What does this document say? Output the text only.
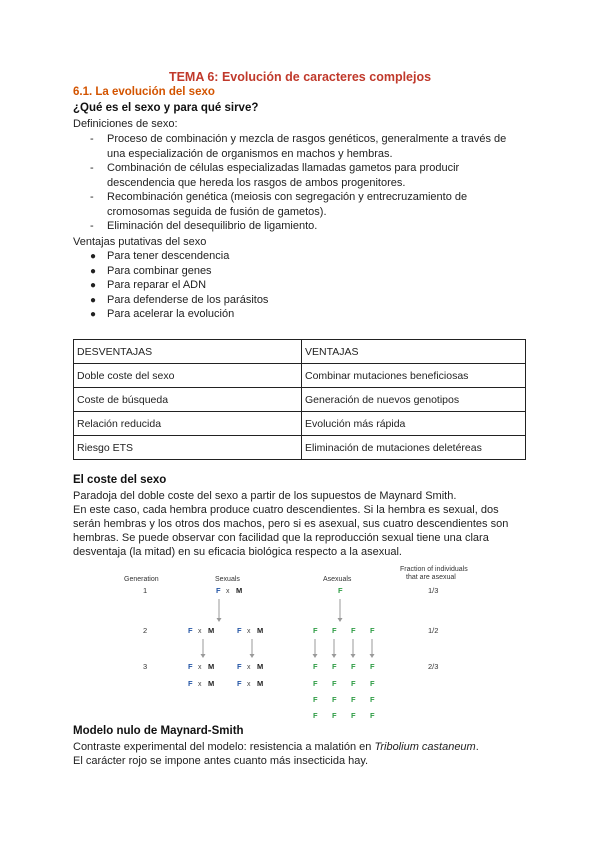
TEMA 6: Evolución de caracteres complejos
6.1. La evolución del sexo
¿Qué es el sexo y para qué sirve?
Definiciones de sexo:
- Proceso de combinación y mezcla de rasgos genéticos, generalmente a través de una especialización de organismos en machos y hembras.
- Combinación de células especializadas llamadas gametos para producir descendencia que hereda los rasgos de ambos progenitores.
- Recombinación genética (meiosis con segregación y entrecruzamiento de cromosomas seguida de fusión de gametos).
- Eliminación del desequilibrio de ligamiento.
Ventajas putativas del sexo
● Para tener descendencia
● Para combinar genes
● Para reparar el ADN
● Para defenderse de los parásitos
● Para acelerar la evolución
DESVENTAJAS	VENTAJAS
Doble coste del sexo	Combinar mutaciones beneficiosas
Coste de búsqueda	Generación de nuevos genotipos
Relación reducida	Evolución más rápida
Riesgo ETS	Eliminación de mutaciones deletéreas
El coste del sexo
Paradoja del doble coste del sexo a partir de los supuestos de Maynard Smith.
En este caso, cada hembra produce cuatro descendientes. Si la hembra es sexual, dos
serán hembras y los otros dos machos, pero si es asexual, sus cuatro descendientes son
hembras. Se puede observar con facilidad que la reproducción sexual tiene una clara
desventaja (la mitad) en su eficacia biológica respecto a la asexual.
Generation	Sexuals	Asexuals
Fraction of individuals
that are asexual
1
2
3
1/3
1/2
2/3
F x M
F x M	F x M
F x M	F x M
F x M	F x M
F
F F F F
F F F F
F F F F
F F F F
F F F F
Modelo nulo de Maynard-Smith
Contraste experimental del modelo: resistencia a malatión en Tribolium castaneum.
El carácter rojo se impone antes cuanto más insecticida hay.
